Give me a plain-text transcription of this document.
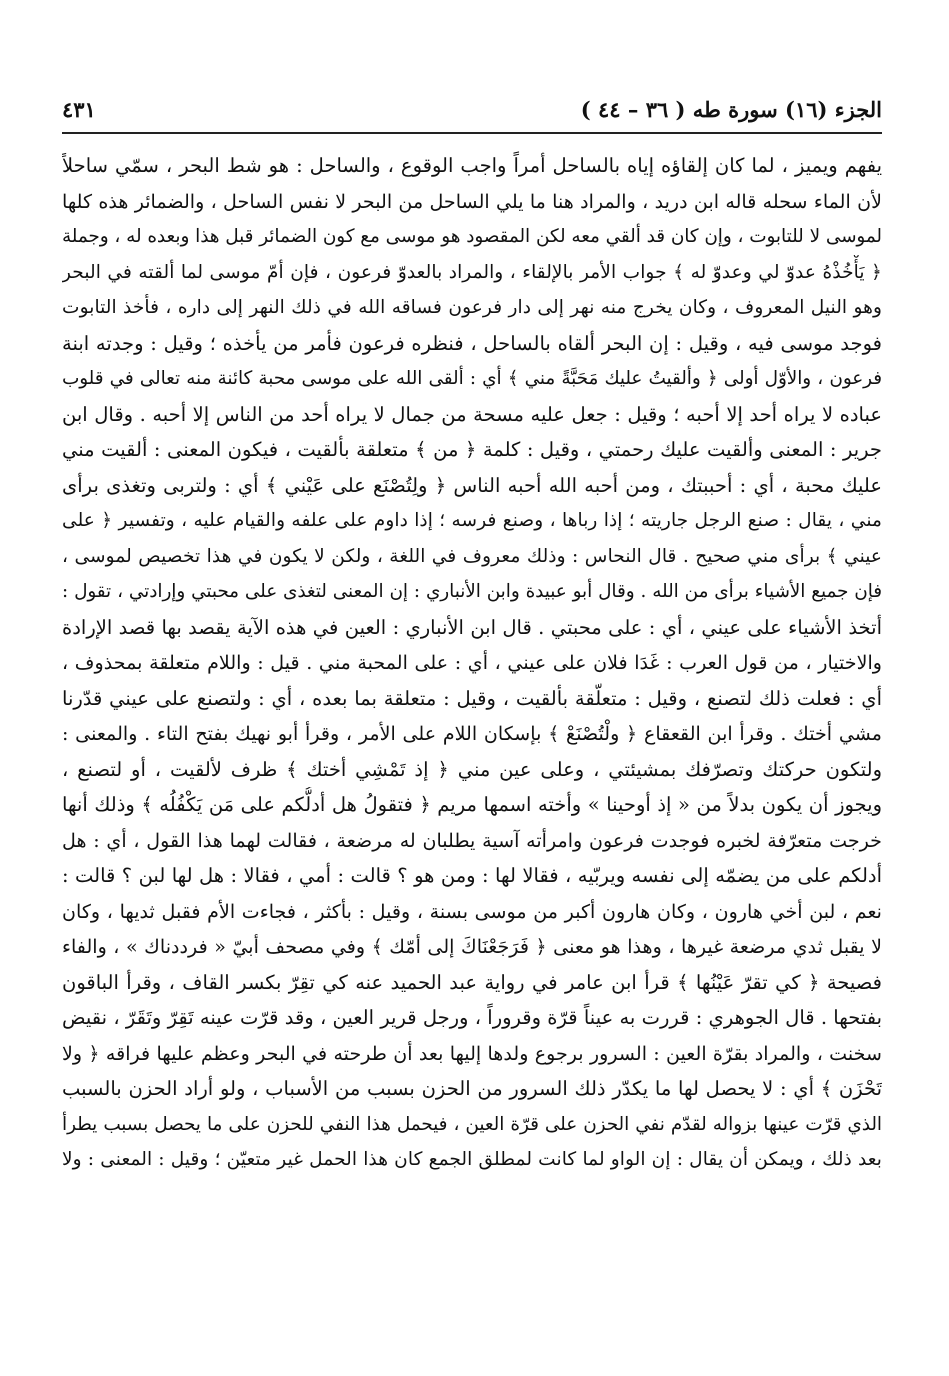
الجزء (١٦) سورة طه ( ٣٦ – ٤٤ )
٤٣١
يفهم ويميز ، لما كان إلقاؤه إياه بالساحل أمراً واجب الوقوع ، والساحل : هو شط البحر ، سمّي ساحلاً
لأن الماء سحله قاله ابن دريد ، والمراد هنا ما يلي الساحل من البحر لا نفس الساحل ، والضمائر هذه كلها
لموسى لا للتابوت ، وإن كان قد ألقي معه لكن المقصود هو موسى مع كون الضمائر قبل هذا وبعده له ، وجملة
﴿ يَأْخُذْهُ عدوّ لي وعدوّ له ﴾ جواب الأمر بالإلقاء ، والمراد بالعدوّ فرعون ، فإن أمّ موسى لما ألقته في البحر
وهو النيل المعروف ، وكان يخرج منه نهر إلى دار فرعون فساقه الله في ذلك النهر إلى داره ، فأخذ التابوت
فوجد موسى فيه ، وقيل : إن البحر ألقاه بالساحل ، فنظره فرعون فأمر من يأخذه ؛ وقيل : وجدته ابنة
فرعون ، والأوّل أولى ﴿ وألقيتُ عليك مَحَبَّةً مني ﴾ أي : ألقى الله على موسى محبة كائنة منه تعالى في قلوب
عباده لا يراه أحد إلا أحبه ؛ وقيل : جعل عليه مسحة من جمال لا يراه أحد من الناس إلا أحبه . وقال ابن
جرير : المعنى وألقيت عليك رحمتي ، وقيل : كلمة ﴿ من ﴾ متعلقة بألقيت ، فيكون المعنى : ألقيت مني
عليك محبة ، أي : أحببتك ، ومن أحبه الله أحبه الناس ﴿ ولِتُصْنَع على عَيْني ﴾ أي : ولتربى وتغذى برأى
مني ، يقال : صنع الرجل جاريته ؛ إذا رباها ، وصنع فرسه ؛ إذا داوم على علفه والقيام عليه ، وتفسير ﴿ على
عيني ﴾ برأى مني صحيح . قال النحاس : وذلك معروف في اللغة ، ولكن لا يكون في هذا تخصيص لموسى ،
فإن جميع الأشياء برأى من الله . وقال أبو عبيدة وابن الأنباري : إن المعنى لتغذى على محبتي وإرادتي ، تقول :
أتخذ الأشياء على عيني ، أي : على محبتي . قال ابن الأنباري : العين في هذه الآية يقصد بها قصد الإرادة
والاختيار ، من قول العرب : غَدَا فلان على عيني ، أي : على المحبة مني . قيل : واللام متعلقة بمحذوف ،
أي : فعلت ذلك لتصنع ، وقيل : متعلّقة بألقيت ، وقيل : متعلقة بما بعده ، أي : ولتصنع على عيني قدّرنا
مشي أختك . وقرأ ابن القعقاع ﴿ ولْتُصْنَعْ ﴾ بإسكان اللام على الأمر ، وقرأ أبو نهيك بفتح التاء . والمعنى :
ولتكون حركتك وتصرّفك بمشيئتي ، وعلى عين مني ﴿ إذ تَمْشِي أختك ﴾ ظرف لألقيت ، أو لتصنع ،
ويجوز أن يكون بدلاً من « إذ أوحينا » وأخته اسمها مريم ﴿ فتقولُ هل أدلُّكم على مَن يَكْفُلُه ﴾ وذلك أنها
خرجت متعرّفة لخبره فوجدت فرعون وامرأته آسية يطلبان له مرضعة ، فقالت لهما هذا القول ، أي : هل
أدلكم على من يضمّه إلى نفسه ويربّيه ، فقالا لها : ومن هو ؟ قالت : أمي ، فقالا : هل لها لبن ؟ قالت :
نعم ، لبن أخي هارون ، وكان هارون أكبر من موسى بسنة ، وقيل : بأكثر ، فجاءت الأم فقبل ثديها ، وكان
لا يقبل ثدي مرضعة غيرها ، وهذا هو معنى ﴿ فَرَجَعْنَاكَ إلى أمّك ﴾ وفي مصحف أبيّ « فرددناك » ، والفاء
فصيحة ﴿ كي تقرّ عَيْنُها ﴾ قرأ ابن عامر في رواية عبد الحميد عنه كي تقِرّ بكسر القاف ، وقرأ الباقون
بفتحها . قال الجوهري : قررت به عيناً قرّة وقروراً ، ورجل قرير العين ، وقد قرّت عينه تَقِرّ وتَقَرّ ، نقيض
سخنت ، والمراد بقرّة العين : السرور برجوع ولدها إليها بعد أن طرحته في البحر وعظم عليها فراقه ﴿ ولا
تَحْزَن ﴾ أي : لا يحصل لها ما يكدّر ذلك السرور من الحزن بسبب من الأسباب ، ولو أراد الحزن بالسبب
الذي قرّت عينها بزواله لقدّم نفي الحزن على قرّة العين ، فيحمل هذا النفي للحزن على ما يحصل بسبب يطرأ
بعد ذلك ، ويمكن أن يقال : إن الواو لما كانت لمطلق الجمع كان هذا الحمل غير متعيّن ؛ وقيل : المعنى : ولا
